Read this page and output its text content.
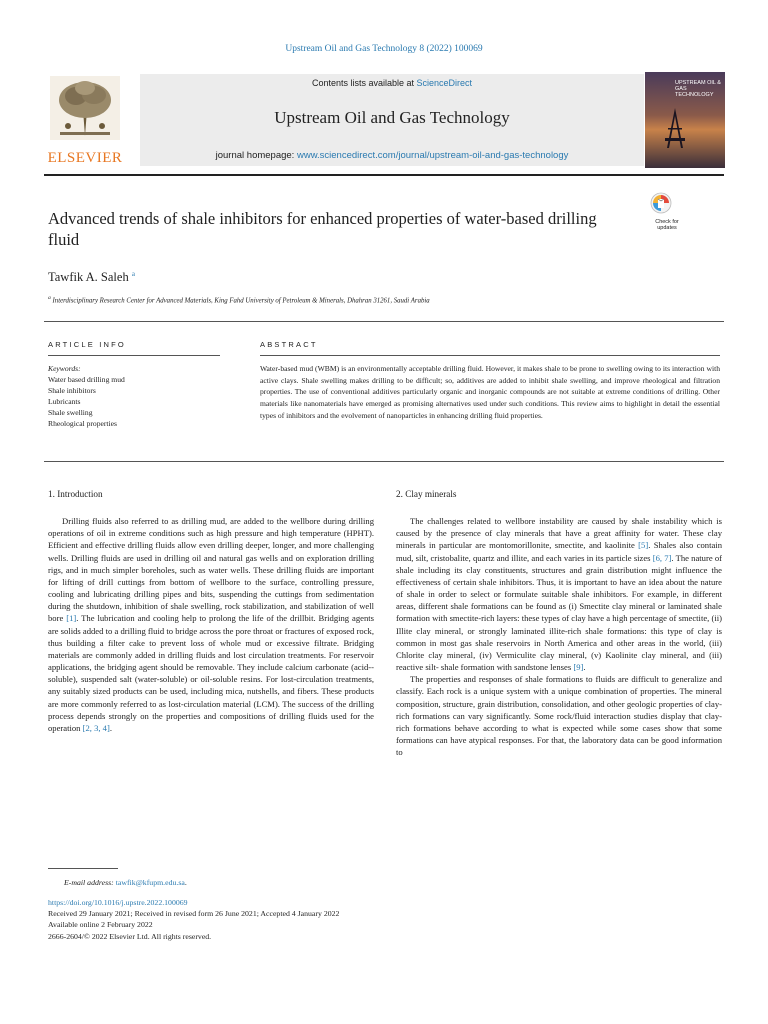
Upstream Oil and Gas Technology 8 (2022) 100069
ELSEVIER
Contents lists available at ScienceDirect
Upstream Oil and Gas Technology
journal homepage: www.sciencedirect.com/journal/upstream-oil-and-gas-technology
UPSTREAM OIL & GAS TECHNOLOGY
Advanced trends of shale inhibitors for enhanced properties of water-based drilling fluid
Check for updates
Tawfik A. Saleh $^a$
$^a$ Interdisciplinary Research Center for Advanced Materials, King Fahd University of Petroleum & Minerals, Dhahran 31261, Saudi Arabia
ARTICLE INFO	ABSTRACT
Keywords:
Water based drilling mud
Shale inhibitors
Lubricants
Shale swelling
Rheological properties
Water-based mud (WBM) is an environmentally acceptable drilling fluid. However, it makes shale to be prone to swelling owing to its interaction with active clays. Shale swelling makes drilling to be difficult; so, additives are added to inhibit shale swelling, and improve rheological and filtration properties. The use of conventional additives particularly organic and inorganic compounds are not suitable at extreme conditions of drilling. Other materials like nanomaterials have emerged as promising alternatives used under such conditions. This review aims to highlight in detail the essential types of inhibitors and the evolvement of nanoparticles in enhancing drilling fluid properties.
1. Introduction

Drilling fluids also referred to as drilling mud, are added to the wellbore during drilling operations of oil in extreme conditions such as high pressure and high temperature (HPHT). Efficient and effective drilling fluids allow even drilling deeper, longer, and more challenging wells. Drilling fluids are used in drilling oil and natural gas wells and on exploration drilling rigs, and in much simpler boreholes, such as water wells. These drilling fluids are important for lifting of drill cuttings from bottom of wellbore to the surface, controlling pressure, cooling and lubricating drilling pipes and bits, suspending the cuttings from sedimentation during the shutdown, inhibition of shale swelling, rock stabilization, and stabilization of well bore [1]. The lubrication and cooling help to prolong the life of the drillbit. Bridging agents are solids added to a drilling fluid to bridge across the pore throat or fractures of exposed rock, thus building a filter cake to prevent loss of whole mud or excessive filtrate. Bridging materials are commonly added in drilling fluids and lost circulation treatments. For reservoir applications, the bridging agent should be removable. They include calcium carbonate (acid--soluble), suspended salt (water-soluble) or oil-soluble resins. For lost-circulation treatments, any suitably sized products can be used, including mica, nutshells, and fibers. These products are more commonly referred to as lost-circulation material (LCM). The success of the drilling process depends strongly on the properties and compositions of drilling fluids used for the operation [2, 3, 4].

2. Clay minerals

The challenges related to wellbore instability are caused by shale instability which is caused by the presence of clay minerals that have a great affinity for water. These clay minerals in particular are montomorillonite, smectite, and kaolinite [5]. Shales also contain mud, silt, cristobalite, quartz and illite, and each varies in its particle sizes [6, 7]. The nature of shale including its clay constituents, structures and grain distribution might influence the effectiveness of certain shale inhibitors. Thus, it is important to have an idea about the nature of shale in order to select or formulate suitable shale inhibitors. For example, in different areas, different shale formations can be found as (i) Smectite clay mineral or laminated shale formation with smectite-rich layers: these types of clay have a high percentage of smectite, (ii) Illite clay mineral, or strongly laminated illite-rich shale formations: this type of clay is common in most gas shale reservoirs in North America and other areas in the world, (iii) Chlorite clay mineral, (iv) Vermiculite clay mineral, (v) Kaolinite clay mineral, and (iii) reactive silt- shale formation with sandstone lenses [9].

The properties and responses of shale formations to fluids are difficult to generalize and classify. Each rock is a unique system with a unique combination of properties. The mineral composition, structure, grain distribution, consolidation, and other geologic properties of clay-rich formations can vary significantly. Some rock/fluid interaction studies display that clay-rich formations behave according to what is expected while some cases show that some formations can have atypical responses. For that, the laboratory data can be good information to

E-mail address: tawfik@kfupm.edu.sa.
https://doi.org/10.1016/j.upstre.2022.100069
Received 29 January 2021; Received in revised form 26 June 2021; Accepted 4 January 2022
Available online 2 February 2022
2666-2604/© 2022 Elsevier Ltd. All rights reserved.
